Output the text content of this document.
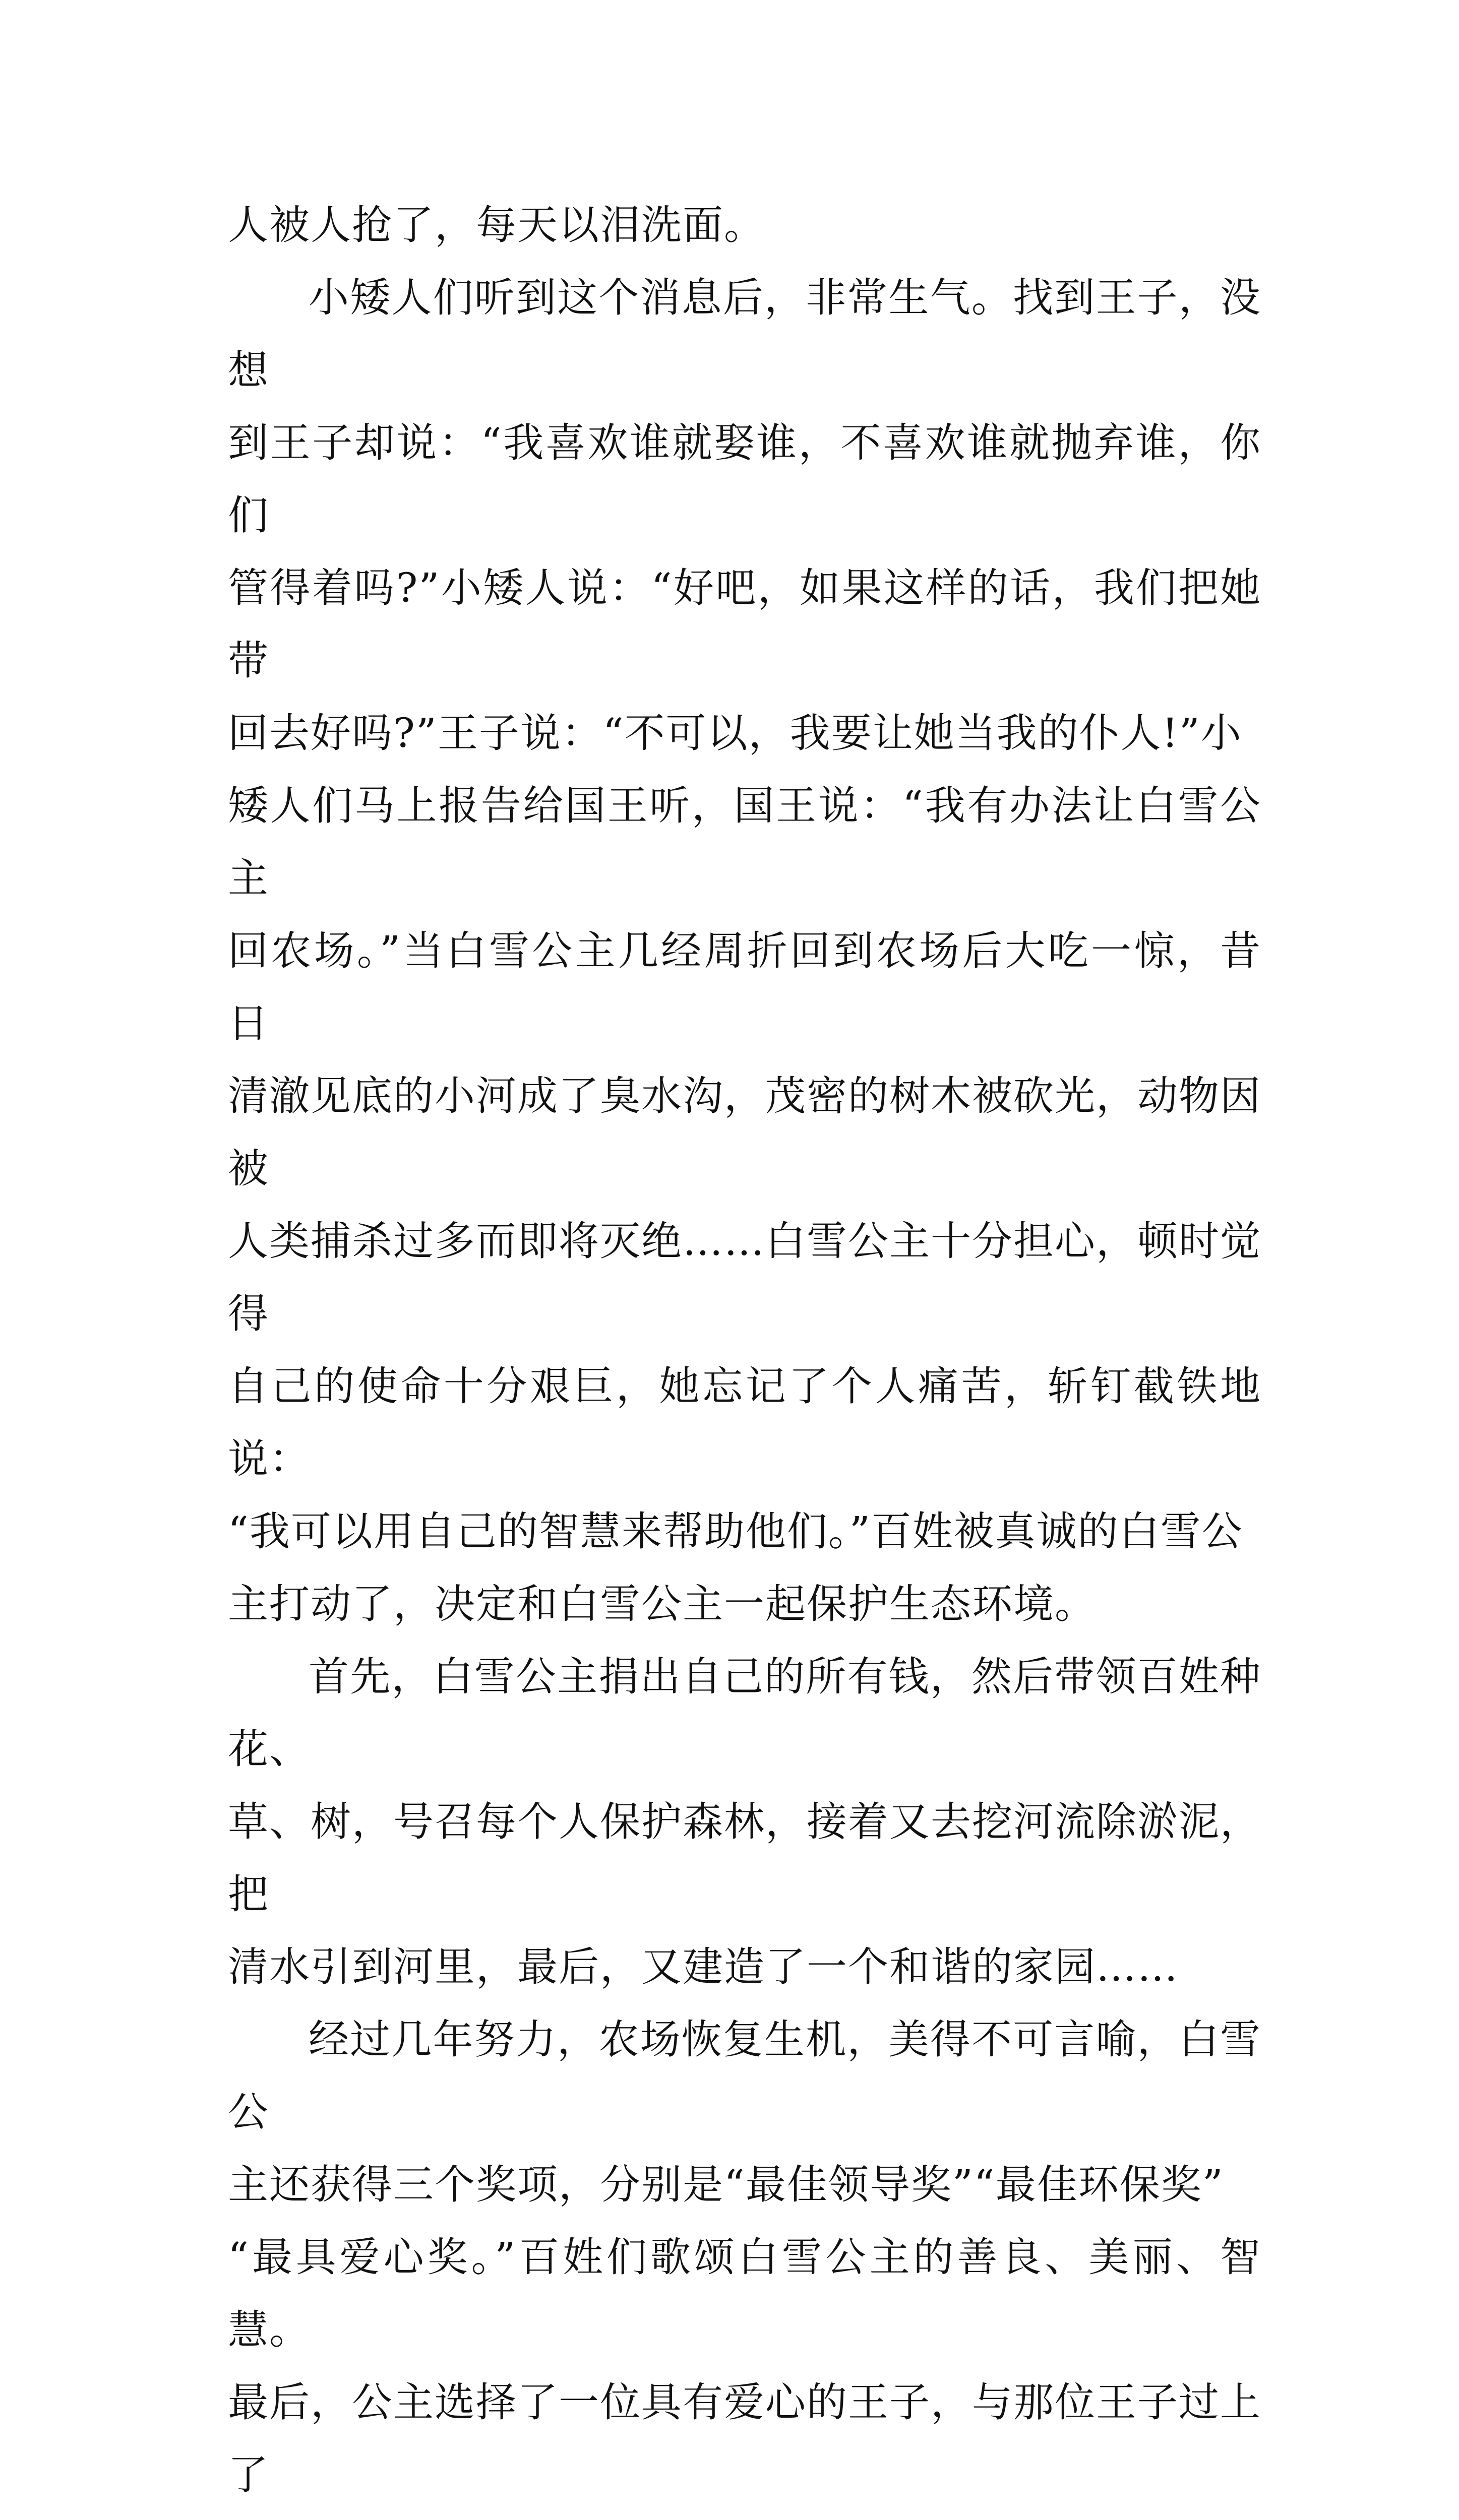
人被人抢了，每天以泪洗面。
小矮人们听到这个消息后，非常生气。找到王子，没想
到王子却说：“我喜欢谁就娶谁，不喜欢谁就抛弃谁，你们
管得着吗?”小矮人说：“好吧，如果这样的话，我们把她带
回去好吗?”王子说：“不可以，我要让她当我的仆人!”小
矮人们马上报告给国王听，国王说：“我有办法让白雪公主
回农场。”当白雪公主几经周折回到农场后大吃一惊，昔日
清澈见底的小河成了臭水沟，茂密的树木被砍光，动物因被
人类捕杀过多而即将灭绝……白雪公主十分担心，顿时觉得
自己的使命十分艰巨，她忘记了个人痛苦，斩钉截铁地说：
“我可以用自己的智慧来帮助他们。”百姓被真诚的白雪公
主打动了，决定和白雪公主一起保护生态环境。
首先，白雪公主捐出自己的所有钱，然后带领百姓种花、
草、树，号召每个人保护森林，接着又去挖河流除淤泥，把
清水引到河里，最后，又建造了一个和谐的家园……
经过几年努力，农场恢复生机，美得不可言喻，白雪公
主还获得三个奖项，分别是“最佳领导奖”“最佳环保奖”
“最具爱心奖。”百姓们歌颂白雪公主的善良、美丽、智慧。
最后，公主选择了一位具有爱心的王子，与那位王子过上了
